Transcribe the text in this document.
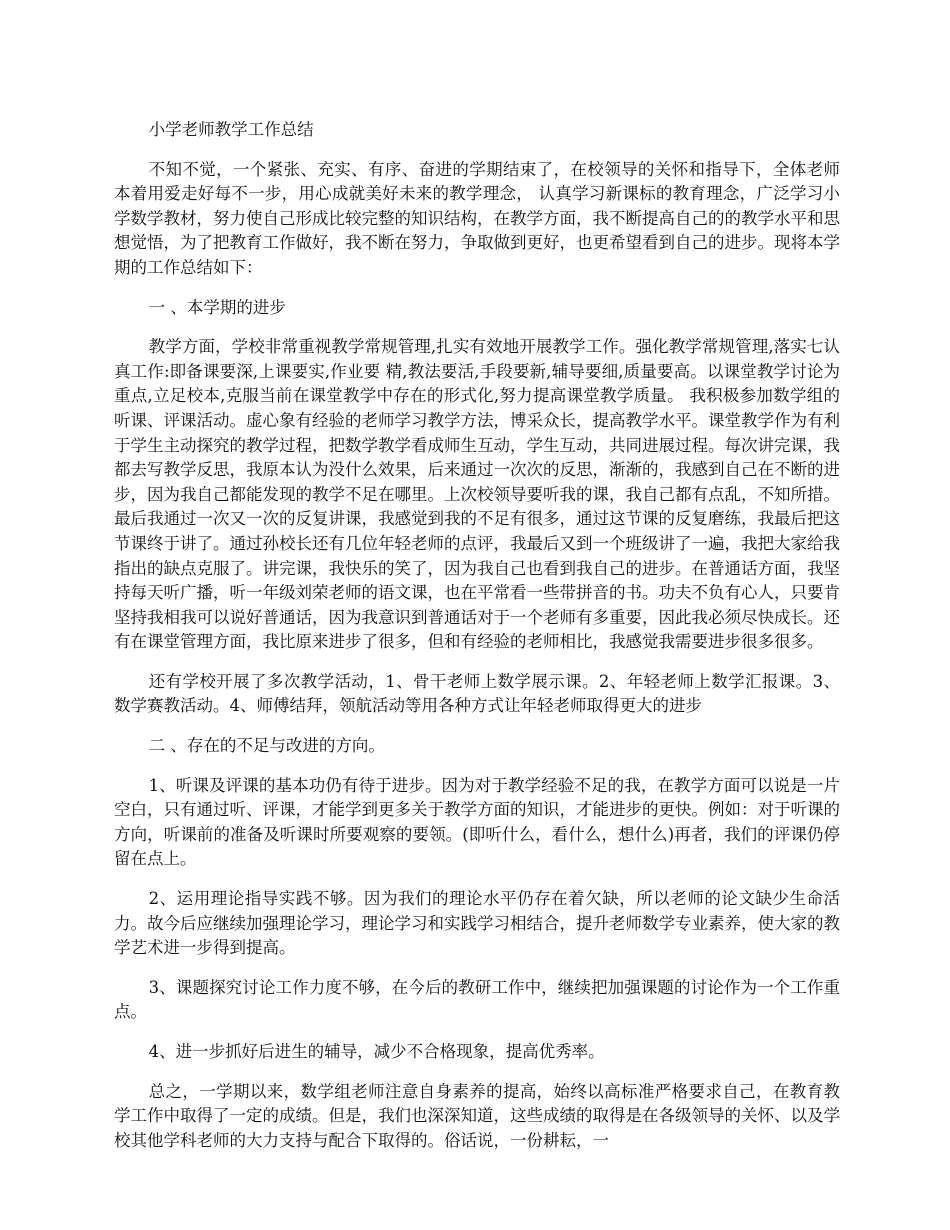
小学老师教学工作总结

不知不觉，一个紧张、充实、有序、奋进的学期结束了，在校领导的关怀和指导下，全体老师本着用爱走好每不一步，用心成就美好未来的教学理念， 认真学习新课标的教育理念，广泛学习小学数学教材，努力使自己形成比较完整的知识结构，在教学方面，我不断提高自己的的教学水平和思想觉悟，为了把教育工作做好，我不断在努力，争取做到更好，也更希望看到自己的进步。现将本学期的工作总结如下：

一 、本学期的进步

教学方面，学校非常重视教学常规管理,扎实有效地开展教学工作。强化教学常规管理,落实七认真工作:即备课要深,上课要实,作业要 精,教法要活,手段要新,辅导要细,质量要高。以课堂教学讨论为重点,立足校本,克服当前在课堂教学中存在的形式化,努力提高课堂教学质量。 我积极参加数学组的听课、评课活动。虚心象有经验的老师学习教学方法，博采众长，提高教学水平。课堂教学作为有利于学生主动探究的教学过程，把数学教学看成师生互动，学生互动，共同进展过程。每次讲完课，我都去写教学反思，我原本认为没什么效果，后来通过一次次的反思，渐渐的，我感到自己在不断的进步，因为我自己都能发现的教学不足在哪里。上次校领导要听我的课，我自己都有点乱，不知所措。最后我通过一次又一次的反复讲课，我感觉到我的不足有很多，通过这节课的反复磨练，我最后把这节课终于讲了。通过孙校长还有几位年轻老师的点评，我最后又到一个班级讲了一遍，我把大家给我指出的缺点克服了。讲完课，我快乐的笑了，因为我自己也看到我自己的进步。在普通话方面，我坚持每天听广播，听一年级刘荣老师的语文课，也在平常看一些带拼音的书。功夫不负有心人，只要肯坚持我相我可以说好普通话，因为我意识到普通话对于一个老师有多重要，因此我必须尽快成长。还有在课堂管理方面，我比原来进步了很多，但和有经验的老师相比，我感觉我需要进步很多很多。

还有学校开展了多次教学活动，1、骨干老师上数学展示课。2、年轻老师上数学汇报课。3、数学赛教活动。4、师傅结拜，领航活动等用各种方式让年轻老师取得更大的进步

二 、存在的不足与改进的方向。

1、听课及评课的基本功仍有待于进步。因为对于教学经验不足的我，在教学方面可以说是一片空白，只有通过听、评课，才能学到更多关于教学方面的知识，才能进步的更快。例如：对于听课的方向，听课前的准备及听课时所要观察的要领。(即听什么，看什么，想什么)再者，我们的评课仍停留在点上。

2、运用理论指导实践不够。因为我们的理论水平仍存在着欠缺，所以老师的论文缺少生命活力。故今后应继续加强理论学习，理论学习和实践学习相结合，提升老师数学专业素养，使大家的教学艺术进一步得到提高。

3、课题探究讨论工作力度不够，在今后的教研工作中，继续把加强课题的讨论作为一个工作重点。

4、进一步抓好后进生的辅导，减少不合格现象，提高优秀率。

总之，一学期以来，数学组老师注意自身素养的提高，始终以高标准严格要求自己，在教育教学工作中取得了一定的成绩。但是，我们也深深知道，这些成绩的取得是在各级领导的关怀、以及学校其他学科老师的大力支持与配合下取得的。俗话说，一份耕耘，一
